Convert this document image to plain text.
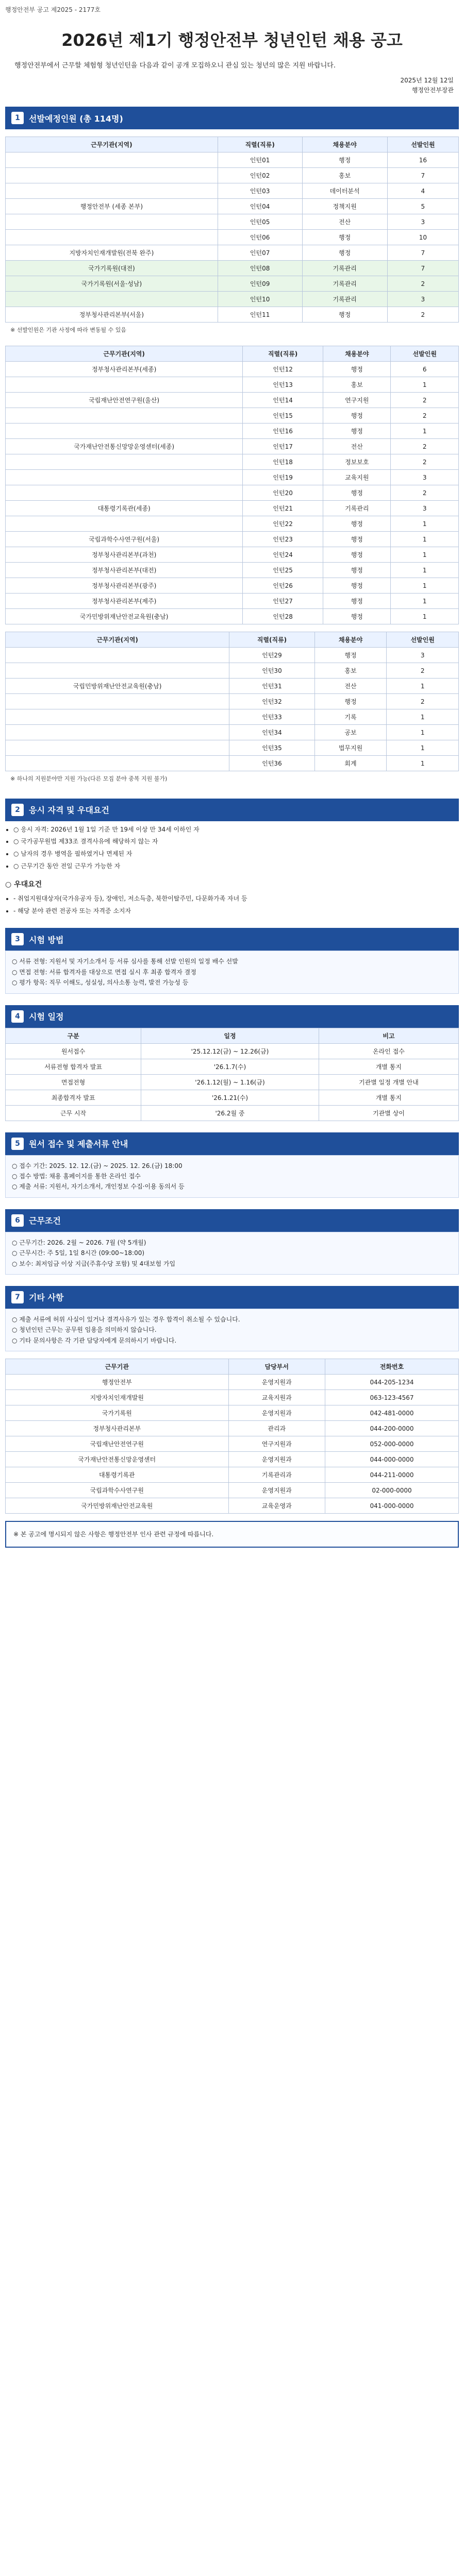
행정안전부 공고 제2025 - 2177호
2026년 제1기 행정안전부 청년인턴 채용 공고
행정안전부에서 근무할 체험형 청년인턴을 다음과 같이 공개 모집하오니 관심 있는 청년의 많은 지원 바랍니다.
2025년 12월 12일
행정안전부장관
1	선발예정인원 (총 114명)
근무기관(지역)	직렬(직류)	채용분야	선발인원
	인턴01	행정	16
	인턴02	홍보	7
	인턴03	데이터분석	4
행정안전부 (세종 본부)	인턴04	정책지원	5
	인턴05	전산	3
	인턴06	행정	10
지방자치인재개발원(전북 완주)	인턴07	행정	7
국가기록원(대전)	인턴08	기록관리	7
국가기록원(서울·성남)	인턴09	기록관리	2
	인턴10	기록관리	3
정부청사관리본부(서울)	인턴11	행정	2
※ 선발인원은 기관 사정에 따라 변동될 수 있음
근무기관(지역)	직렬(직류)	채용분야	선발인원
정부청사관리본부(세종)	인턴12	행정	6
	인턴13	홍보	1
국립재난안전연구원(울산)	인턴14	연구지원	2
	인턴15	행정	2
	인턴16	행정	1
국가재난안전통신망망운영센터(세종)	인턴17	전산	2
	인턴18	정보보호	2
	인턴19	교육지원	3
	인턴20	행정	2
대통령기록관(세종)	인턴21	기록관리	3
	인턴22	행정	1
국립과학수사연구원(서울)	인턴23	행정	1
정부청사관리본부(과천)	인턴24	행정	1
정부청사관리본부(대전)	인턴25	행정	1
정부청사관리본부(광주)	인턴26	행정	1
정부청사관리본부(제주)	인턴27	행정	1
국가민방위재난안전교육원(충남)	인턴28	행정	1
근무기관(지역)	직렬(직류)	채용분야	선발인원
	인턴29	행정	3
	인턴30	홍보	2
국립민방위재난안전교육원(충남)	인턴31	전산	1
	인턴32	행정	2
	인턴33	기록	1
	인턴34	공보	1
	인턴35	법무지원	1
	인턴36	회계	1
※ 하나의 지원분야만 지원 가능(다른 모집 분야 중복 지원 불가)
2	응시 자격 및 우대요건
• ○ 응시 자격: 2026년 1월 1일 기준 만 19세 이상 만 34세 이하인 자
• ○ 국가공무원법 제33조 결격사유에 해당하지 않는 자
• ○ 남자의 경우 병역을 필하였거나 면제된 자
• ○ 근무기간 동안 전일 근무가 가능한 자
○ 우대요건
• - 취업지원대상자(국가유공자 등), 장애인, 저소득층, 북한이탈주민, 다문화가족 자녀 등
• - 해당 분야 관련 전공자 또는 자격증 소지자
3	시험 방법
○ 서류 전형: 지원서 및 자기소개서 등 서류 심사를 통해 선발 인원의 일정 배수 선발
○ 면접 전형: 서류 합격자를 대상으로 면접 실시 후 최종 합격자 결정
○ 평가 항목: 직무 이해도, 성실성, 의사소통 능력, 발전 가능성 등
4	시험 일정
구분	일정	비고
원서접수	'25.12.12(금) ~ 12.26(금)	온라인 접수
서류전형 합격자 발표	'26.1.7(수)	개별 통지
면접전형	'26.1.12(월) ~ 1.16(금)	기관별 일정 개별 안내
최종합격자 발표	'26.1.21(수)	개별 통지
근무 시작	'26.2월 중	기관별 상이
5	원서 접수 및 제출서류 안내
○ 접수 기간: 2025. 12. 12.(금) ~ 2025. 12. 26.(금) 18:00
○ 접수 방법: 채용 홈페이지를 통한 온라인 접수
○ 제출 서류: 지원서, 자기소개서, 개인정보 수집·이용 동의서 등
6	근무조건
○ 근무기간: 2026. 2월 ~ 2026. 7월 (약 5개월)
○ 근무시간: 주 5일, 1일 8시간 (09:00~18:00)
○ 보수: 최저임금 이상 지급(주휴수당 포함) 및 4대보험 가입
7	기타 사항
○ 제출 서류에 허위 사실이 있거나 결격사유가 있는 경우 합격이 취소될 수 있습니다.
○ 청년인턴 근무는 공무원 임용을 의미하지 않습니다.
○ 기타 문의사항은 각 기관 담당자에게 문의하시기 바랍니다.
근무기관	담당부서	전화번호
행정안전부	운영지원과	044-205-1234
지방자치인재개발원	교육지원과	063-123-4567
국가기록원	운영지원과	042-481-0000
정부청사관리본부	관리과	044-200-0000
국립재난안전연구원	연구지원과	052-000-0000
국가재난안전통신망운영센터	운영지원과	044-000-0000
대통령기록관	기록관리과	044-211-0000
국립과학수사연구원	운영지원과	02-000-0000
국가민방위재난안전교육원	교육운영과	041-000-0000
※ 본 공고에 명시되지 않은 사항은 행정안전부 인사 관련 규정에 따릅니다.
